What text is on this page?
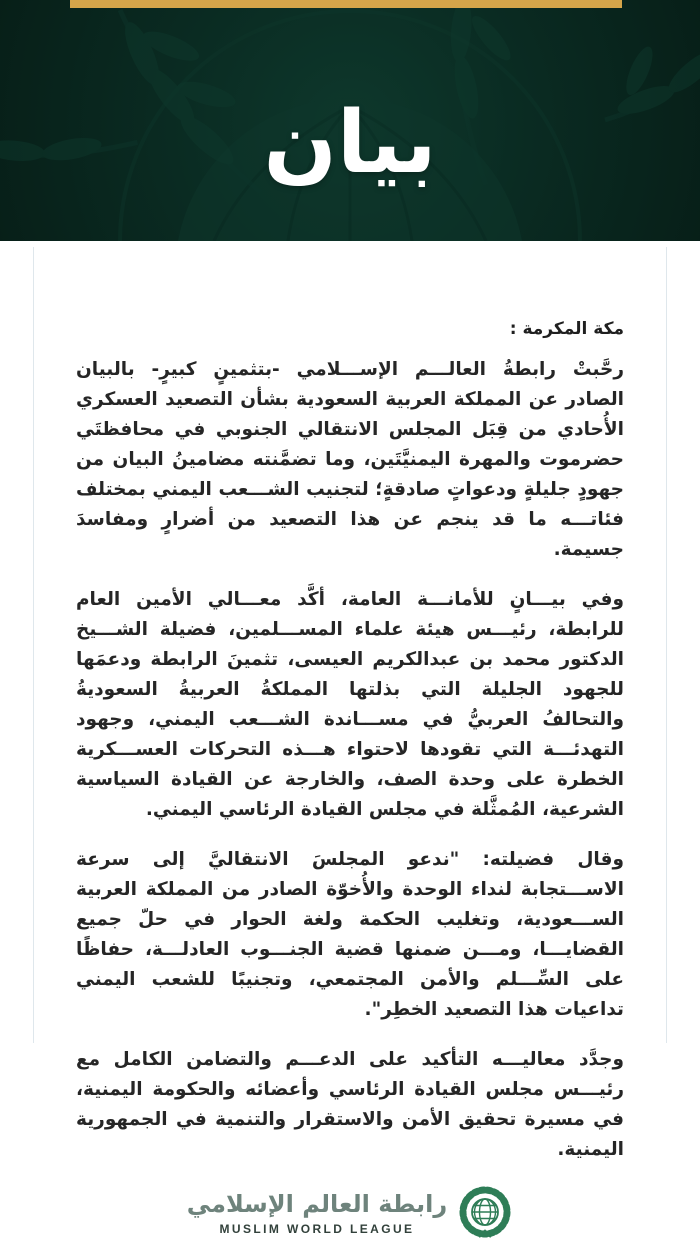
بيان
مكة المكرمة :

رحَّبتْ رابطةُ العالـــم الإســـلامي -بتثمينٍ كبيرٍ- بالبيان الصادر عن المملكة العربية السعودية بشأن التصعيد العسكري الأُحادي من قِبَل المجلس الانتقالي الجنوبي في محافظتَي حضرموت والمهرة اليمنيَّتَين، وما تضمَّنته مضامينُ البيان من جهودٍ جليلةٍ ودعواتٍ صادقةٍ؛ لتجنيب الشـــعب اليمني بمختلف فئاتـــه ما قد ينجم عن هذا التصعيد من أضرارٍ ومفاسدَ جسيمة.

وفي بيـــانٍ للأمانـــة العامة، أكَّد معـــالي الأمين العام للرابطة، رئيـــس هيئة علماء المســـلمين، فضيلة الشـــيخ الدكتور محمد بن عبدالكريم العيسى، تثمينَ الرابطة ودعمَها للجهود الجليلة التي بذلتها المملكةُ العربيةُ السعوديةُ والتحالفُ العربيُّ في مســـاندة الشـــعب اليمني، وجهود التهدئـــة التي تقودها لاحتواء هـــذه التحركات العســـكرية الخطرة على وحدة الصف، والخارجة عن القيادة السياسية الشرعية، المُمثَّلة في مجلس القيادة الرئاسي اليمني.

وقال فضيلته: "ندعو المجلسَ الانتقاليَّ إلى سرعة الاســـتجابة لنداء الوحدة والأُخوّة الصادر من المملكة العربية الســـعودية، وتغليب الحكمة ولغة الحوار في حلّ جميع القضايـــا، ومـــن ضمنها قضية الجنـــوب العادلـــة، حفاظًا على السِّـــلم والأمن المجتمعي، وتجنيبًا للشعب اليمني تداعيات هذا التصعيد الخطِر".

وجدَّد معاليـــه التأكيد على الدعـــم والتضامن الكامل مع رئيـــس مجلس القيادة الرئاسي وأعضائه والحكومة اليمنية، في مسيرة تحقيق الأمن والاستقرار والتنمية في الجمهورية اليمنية.

رابطة العالم الإسلامي
MUSLIM WORLD LEAGUE
